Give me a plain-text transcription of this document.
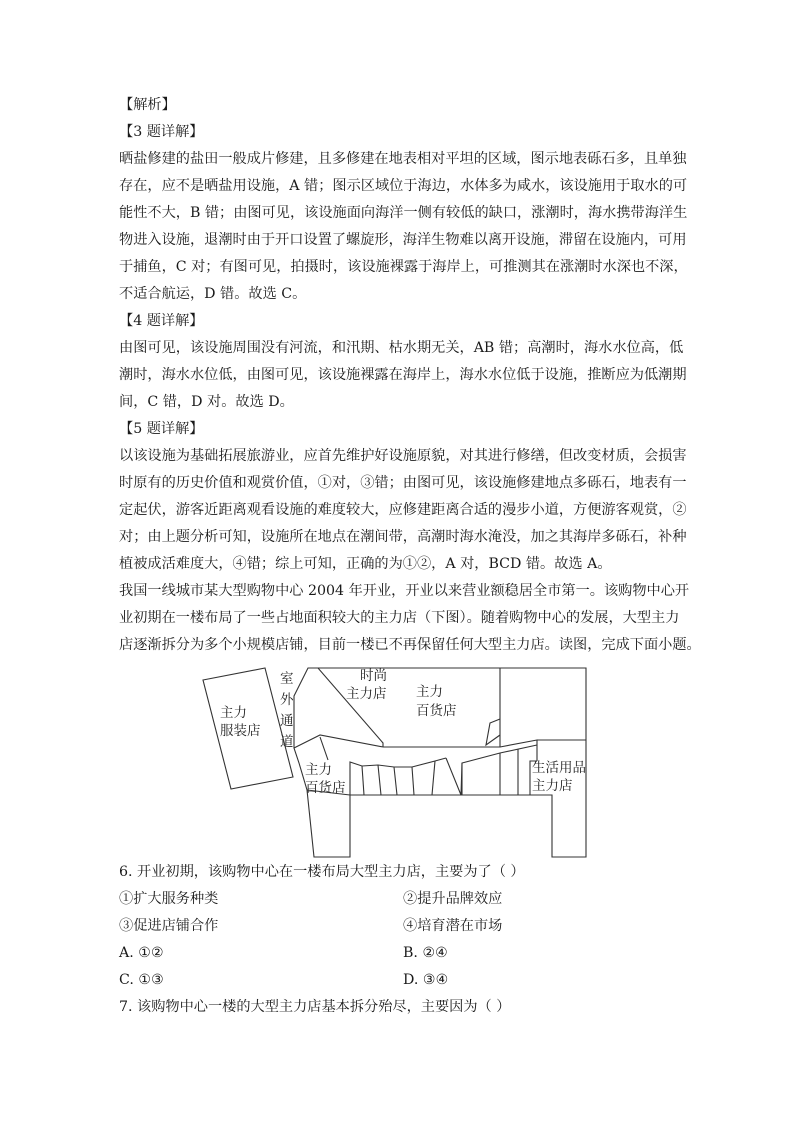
【解析】
【3 题详解】
晒盐修建的盐田一般成片修建，且多修建在地表相对平坦的区域，图示地表砾石多，且单独
存在，应不是晒盐用设施，A 错；图示区域位于海边，水体多为咸水，该设施用于取水的可
能性不大，B 错；由图可见，该设施面向海洋一侧有较低的缺口，涨潮时，海水携带海洋生
物进入设施，退潮时由于开口设置了螺旋形，海洋生物难以离开设施，滞留在设施内，可用
于捕鱼，C 对；有图可见，拍摄时，该设施裸露于海岸上，可推测其在涨潮时水深也不深，
不适合航运，D 错。故选 C。
【4 题详解】
由图可见，该设施周围没有河流，和汛期、枯水期无关，AB 错；高潮时，海水水位高，低
潮时，海水水位低，由图可见，该设施裸露在海岸上，海水水位低于设施，推断应为低潮期
间，C 错，D 对。故选 D。
【5 题详解】
以该设施为基础拓展旅游业，应首先维护好设施原貌，对其进行修缮，但改变材质，会损害
时原有的历史价值和观赏价值，①对，③错；由图可见，该设施修建地点多砾石，地表有一
定起伏，游客近距离观看设施的难度较大，应修建距离合适的漫步小道，方便游客观赏，②
对；由上题分析可知，设施所在地点在潮间带，高潮时海水淹没，加之其海岸多砾石，补种
植被成活难度大，④错；综上可知，正确的为①②，A 对，BCD 错。故选 A。
我国一线城市某大型购物中心 2004 年开业，开业以来营业额稳居全市第一。该购物中心开
业初期在一楼布局了一些占地面积较大的主力店（下图）。随着购物中心的发展，大型主力
店逐渐拆分为多个小规模店铺，目前一楼已不再保留任何大型主力店。读图，完成下面小题。
主力
服装店
室
外
通
道
时尚
主力店 主力
百货店
主力
百货店
生活用品
主力店
6. 开业初期，该购物中心在一楼布局大型主力店，主要为了（ ）
①扩大服务种类	②提升品牌效应
③促进店铺合作	④培育潜在市场
A. ①②	B. ②④
C. ①③	D. ③④
7. 该购物中心一楼的大型主力店基本拆分殆尽，主要因为（ ）
